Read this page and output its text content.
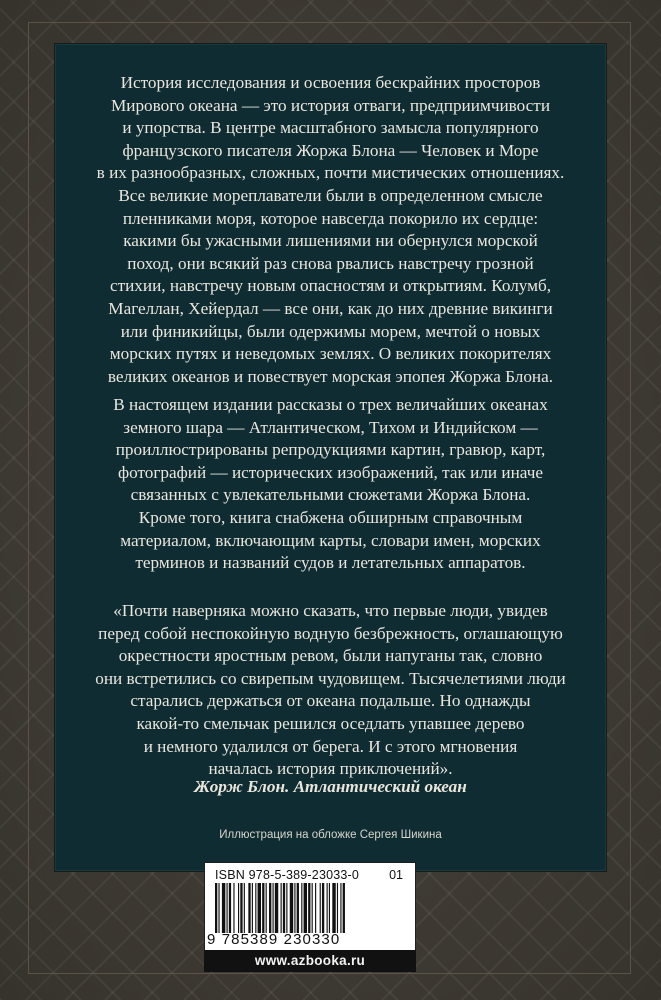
История исследования и освоения бескрайних просторов
Мирового океана — это история отваги, предприимчивости
и упорства. В центре масштабного замысла популярного
французского писателя Жоржа Блона — Человек и Море
в их разнообразных, сложных, почти мистических отношениях.
Все великие мореплаватели были в определенном смысле
пленниками моря, которое навсегда покорило их сердце:
какими бы ужасными лишениями ни обернулся морской
поход, они всякий раз снова рвались навстречу грозной
стихии, навстречу новым опасностям и открытиям. Колумб,
Магеллан, Хейердал — все они, как до них древние викинги
или финикийцы, были одержимы морем, мечтой о новых
морских путях и неведомых землях. О великих покорителях
великих океанов и повествует морская эпопея Жоржа Блона.
В настоящем издании рассказы о трех величайших океанах
земного шара — Атлантическом, Тихом и Индийском —
проиллюстрированы репродукциями картин, гравюр, карт,
фотографий — исторических изображений, так или иначе
связанных с увлекательными сюжетами Жоржа Блона.
Кроме того, книга снабжена обширным справочным
материалом, включающим карты, словари имен, морских
терминов и названий судов и летательных аппаратов.
«Почти наверняка можно сказать, что первые люди, увидев
перед собой неспокойную водную безбрежность, оглашающую
окрестности яростным ревом, были напуганы так, словно
они встретились со свирепым чудовищем. Тысячелетиями люди
старались держаться от океана подальше. Но однажды
какой-то смельчак решился оседлать упавшее дерево
и немного удалился от берега. И с этого мгновения
началась история приключений».
Жорж Блон. Атлантический океан
Иллюстрация на обложке Сергея Шикина
ISBN 978-5-389-23033-0 01
9 785389 230330
www.azbooka.ru
